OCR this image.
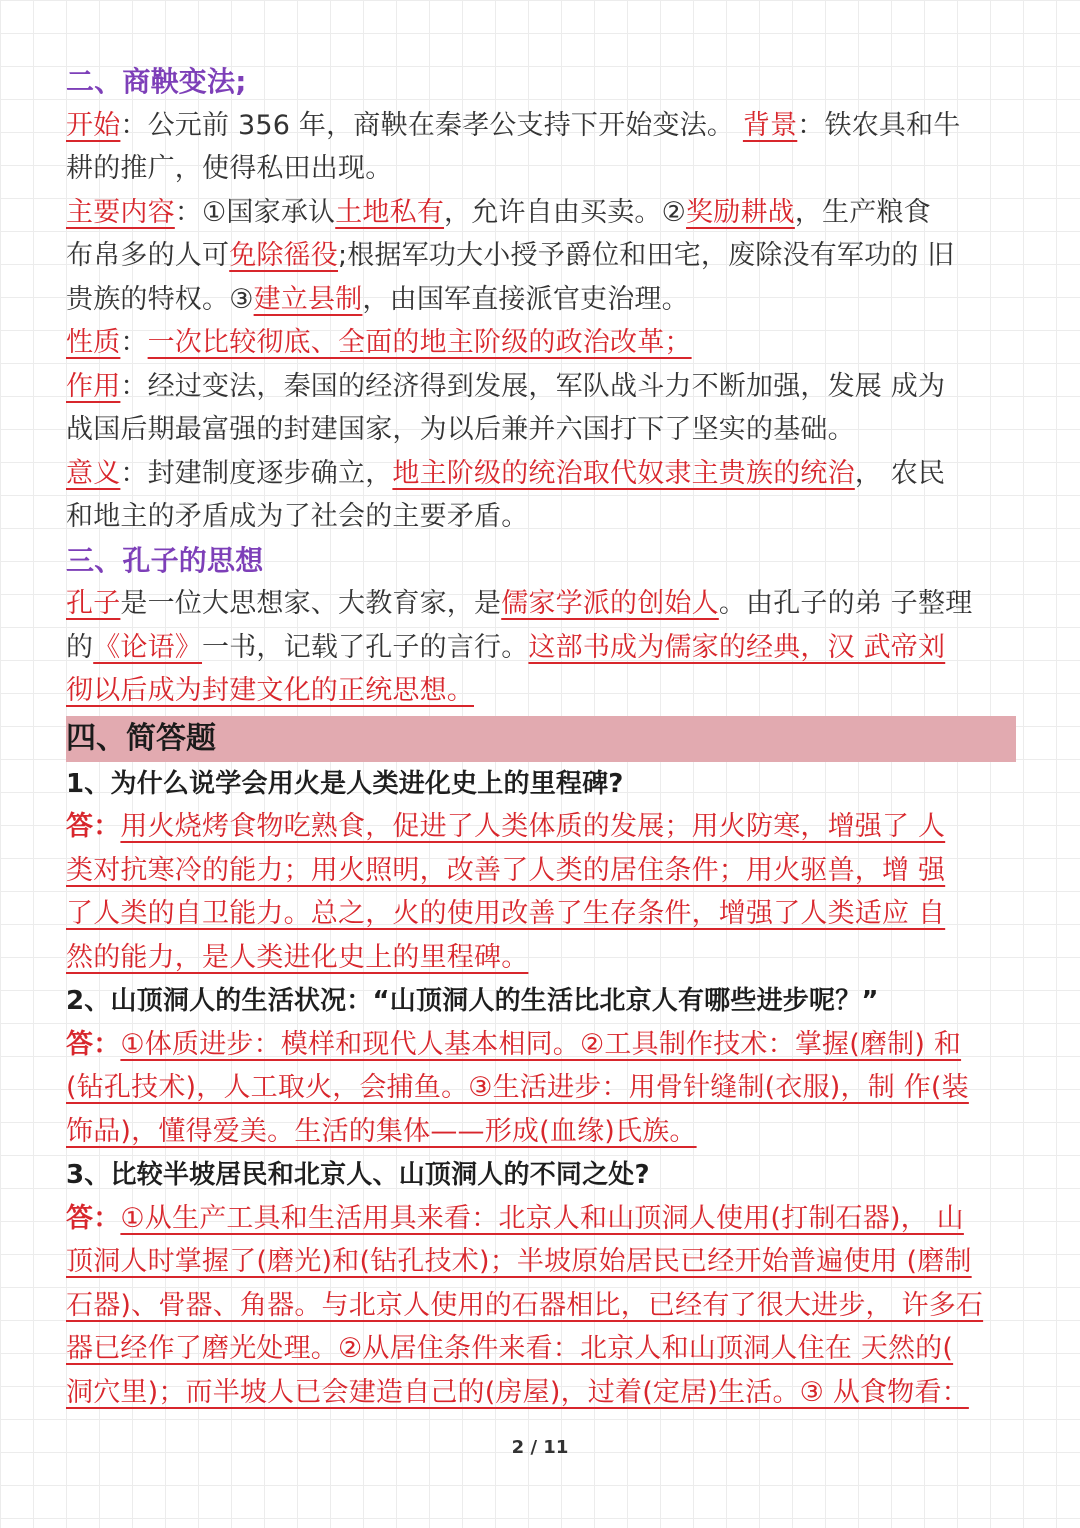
二、商鞅变法;
开始：公元前 356 年，商鞅在秦孝公支持下开始变法。 背景：铁农具和牛
耕的推广，使得私田出现。
主要内容：①国家承认土地私有，允许自由买卖。②奖励耕战，生产粮食
布帛多的人可免除徭役;根据军功大小授予爵位和田宅，废除没有军功的 旧
贵族的特权。③建立县制，由国军直接派官吏治理。
性质：一次比较彻底、全面的地主阶级的政治改革；
作用：经过变法，秦国的经济得到发展，军队战斗力不断加强，发展 成为
战国后期最富强的封建国家，为以后兼并六国打下了坚实的基础。
意义：封建制度逐步确立，地主阶级的统治取代奴隶主贵族的统治， 农民
和地主的矛盾成为了社会的主要矛盾。
三、孔子的思想
孔子是一位大思想家、大教育家，是儒家学派的创始人。由孔子的弟 子整理
的《论语》一书，记载了孔子的言行。这部书成为儒家的经典，汉 武帝刘
彻以后成为封建文化的正统思想。
四、简答题
1、为什么说学会用火是人类进化史上的里程碑?
答：用火烧烤食物吃熟食，促进了人类体质的发展；用火防寒，增强了 人
类对抗寒冷的能力；用火照明，改善了人类的居住条件；用火驱兽，增 强
了人类的自卫能力。总之，火的使用改善了生存条件，增强了人类适应 自
然的能力，是人类进化史上的里程碑。
2、山顶洞人的生活状况：“山顶洞人的生活比北京人有哪些进步呢？”
答：①体质进步：模样和现代人基本相同。②工具制作技术：掌握(磨制) 和
(钻孔技术)，人工取火，会捕鱼。③生活进步：用骨针缝制(衣服)，制 作(装
饰品)，懂得爱美。生活的集体——形成(血缘)氏族。
3、比较半坡居民和北京人、山顶洞人的不同之处?
答：①从生产工具和生活用具来看：北京人和山顶洞人使用(打制石器)， 山
顶洞人时掌握了(磨光)和(钻孔技术)；半坡原始居民已经开始普遍使用 (磨制
石器)、骨器、角器。与北京人使用的石器相比，已经有了很大进步， 许多石
器已经作了磨光处理。②从居住条件来看：北京人和山顶洞人住在 天然的(
洞穴里)；而半坡人已会建造自己的(房屋)，过着(定居)生活。③ 从食物看：
2 / 11
